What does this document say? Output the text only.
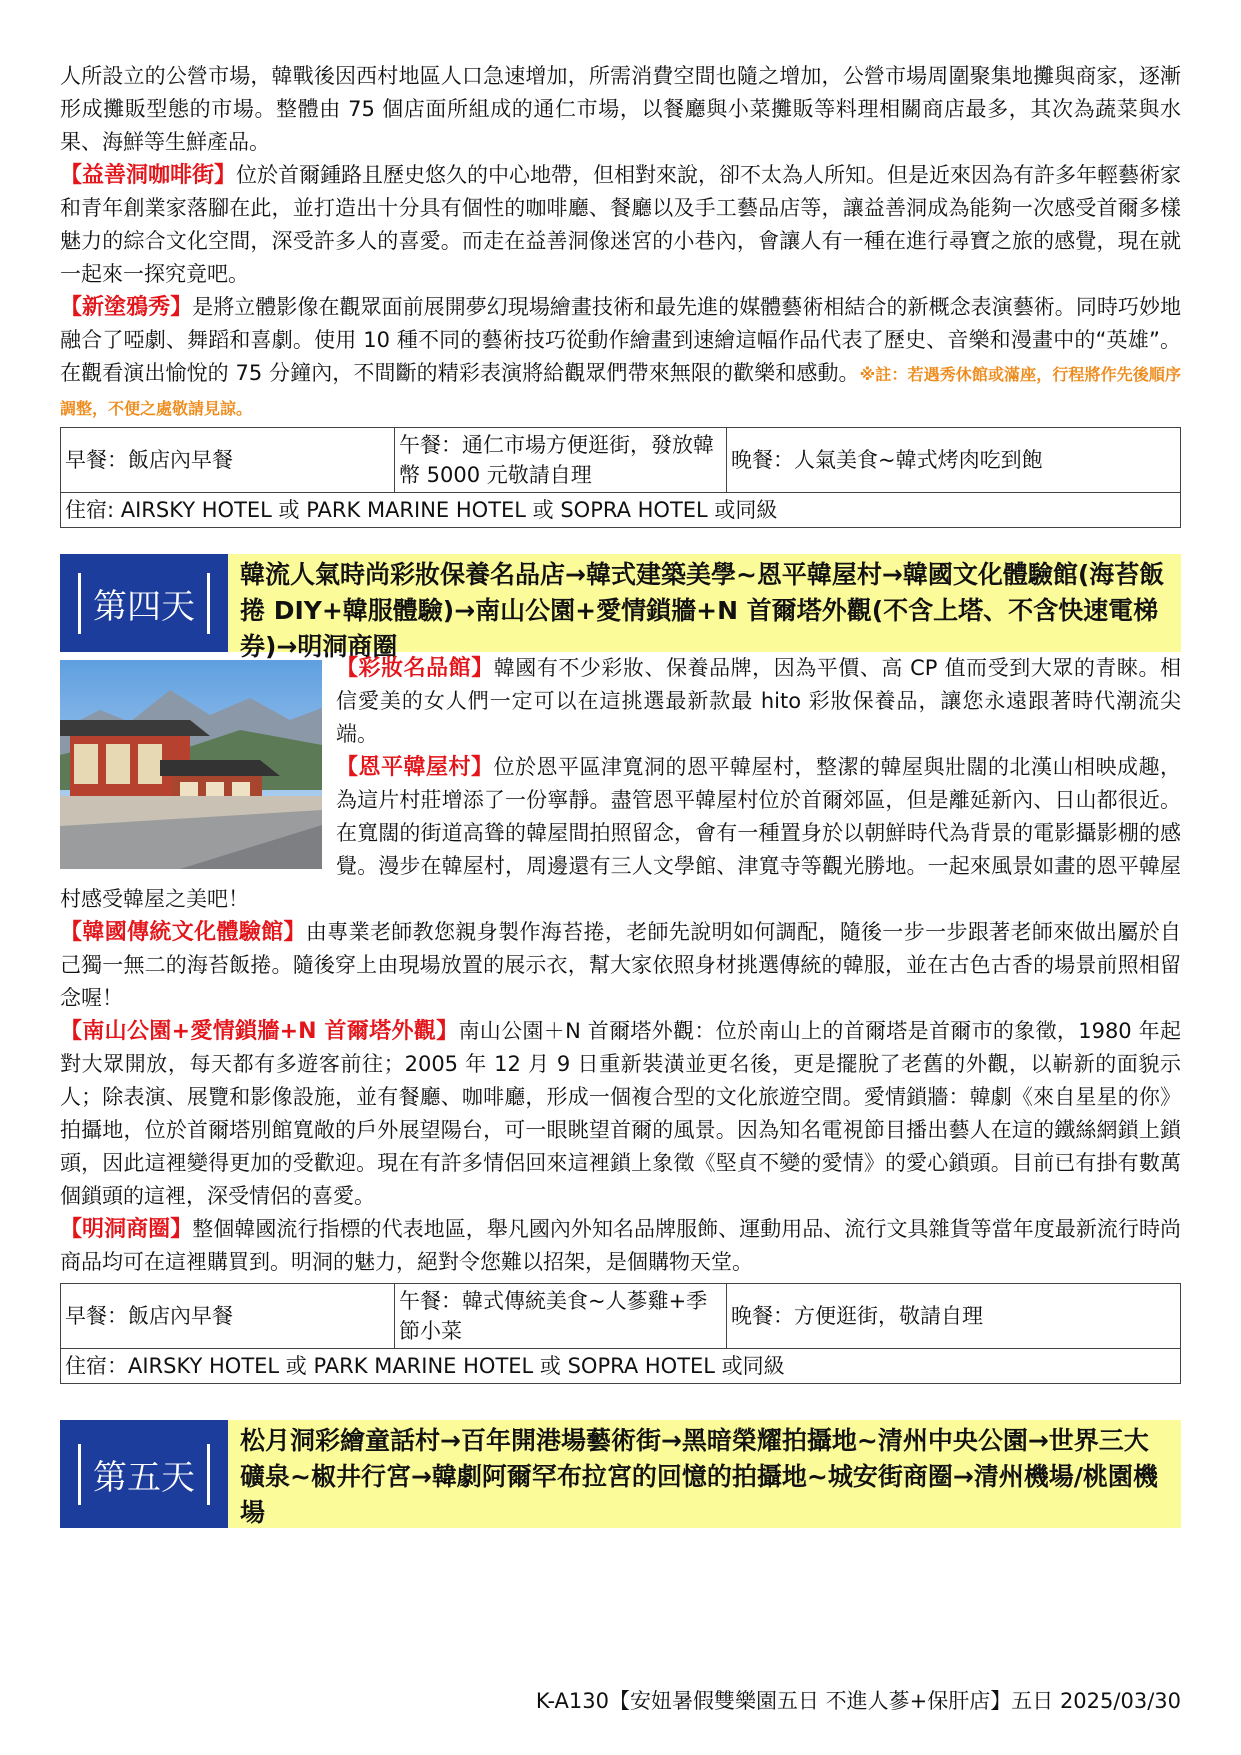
人所設立的公營市場，韓戰後因西村地區人口急速增加，所需消費空間也隨之增加，公營市場周圍聚集地攤與商家，逐漸形成攤販型態的市場。整體由 75 個店面所組成的通仁市場，以餐廳與小菜攤販等料理相關商店最多，其次為蔬菜與水果、海鮮等生鮮產品。

【益善洞咖啡街】位於首爾鍾路且歷史悠久的中心地帶，但相對來說，卻不太為人所知。但是近來因為有許多年輕藝術家和青年創業家落腳在此，並打造出十分具有個性的咖啡廳、餐廳以及手工藝品店等，讓益善洞成為能夠一次感受首爾多樣魅力的綜合文化空間，深受許多人的喜愛。而走在益善洞像迷宮的小巷內，會讓人有一種在進行尋寶之旅的感覺，現在就一起來一探究竟吧。

【新塗鴉秀】是將立體影像在觀眾面前展開夢幻現場繪畫技術和最先進的媒體藝術相結合的新概念表演藝術。同時巧妙地融合了啞劇、舞蹈和喜劇。使用 10 種不同的藝術技巧從動作繪畫到速繪這幅作品代表了歷史、音樂和漫畫中的“英雄”。在觀看演出愉悅的 75 分鐘內，不間斷的精彩表演將給觀眾們帶來無限的歡樂和感動。※註：若遇秀休館或滿座，行程將作先後順序調整，不便之處敬請見諒。

早餐：飯店內早餐	午餐：通仁市場方便逛街，發放韓幣 5000 元敬請自理	晚餐：人氣美食~韓式烤肉吃到飽
住宿: AIRSKY HOTEL 或 PARK MARINE HOTEL 或 SOPRA HOTEL 或同級
第四天
韓流人氣時尚彩妝保養名品店→韓式建築美學~恩平韓屋村→韓國文化體驗館(海苔飯捲 DIY+韓服體驗)→南山公園+愛情鎖牆+N 首爾塔外觀(不含上塔、不含快速電梯券)→明洞商圈

【彩妝名品館】韓國有不少彩妝、保養品牌，因為平價、高 CP 值而受到大眾的青睞。相信愛美的女人們一定可以在這挑選最新款最 hito 彩妝保養品，讓您永遠跟著時代潮流尖端。

【恩平韓屋村】位於恩平區津寬洞的恩平韓屋村，整潔的韓屋與壯闊的北漢山相映成趣，為這片村莊增添了一份寧靜。盡管恩平韓屋村位於首爾郊區，但是離延新內、日山都很近。在寬闊的街道高聳的韓屋間拍照留念，會有一種置身於以朝鮮時代為背景的電影攝影棚的感覺。漫步在韓屋村，周邊還有三人文學館、津寬寺等觀光勝地。一起來風景如畫的恩平韓屋村感受韓屋之美吧！

【韓國傳統文化體驗館】由專業老師教您親身製作海苔捲，老師先說明如何調配，隨後一步一步跟著老師來做出屬於自己獨一無二的海苔飯捲。隨後穿上由現場放置的展示衣，幫大家依照身材挑選傳統的韓服，並在古色古香的場景前照相留念喔！

【南山公園+愛情鎖牆+N 首爾塔外觀】南山公園＋N 首爾塔外觀：位於南山上的首爾塔是首爾市的象徵，1980 年起對大眾開放，每天都有多遊客前往；2005 年 12 月 9 日重新裝潢並更名後，更是擺脫了老舊的外觀，以嶄新的面貌示人；除表演、展覽和影像設施，並有餐廳、咖啡廳，形成一個複合型的文化旅遊空間。愛情鎖牆：韓劇《來自星星的你》拍攝地，位於首爾塔別館寬敞的戶外展望陽台，可一眼眺望首爾的風景。因為知名電視節目播出藝人在這的鐵絲網鎖上鎖頭，因此這裡變得更加的受歡迎。現在有許多情侶回來這裡鎖上象徵《堅貞不變的愛情》的愛心鎖頭。目前已有掛有數萬個鎖頭的這裡，深受情侶的喜愛。

【明洞商圈】整個韓國流行指標的代表地區，舉凡國內外知名品牌服飾、運動用品、流行文具雜貨等當年度最新流行時尚商品均可在這裡購買到。明洞的魅力，絕對令您難以招架，是個購物天堂。

早餐：飯店內早餐	午餐：韓式傳統美食~人蔘雞+季節小菜	晚餐：方便逛街，敬請自理
住宿：AIRSKY HOTEL 或 PARK MARINE HOTEL 或 SOPRA HOTEL 或同級
第五天
松月洞彩繪童話村→百年開港場藝術街→黑暗榮耀拍攝地~清州中央公園→世界三大礦泉~椒井行宮→韓劇阿爾罕布拉宮的回憶的拍攝地~城安街商圈→清州機場/桃園機場
K-A130【安妞暑假雙樂園五日 不進人蔘+保肝店】五日 2025/03/30
